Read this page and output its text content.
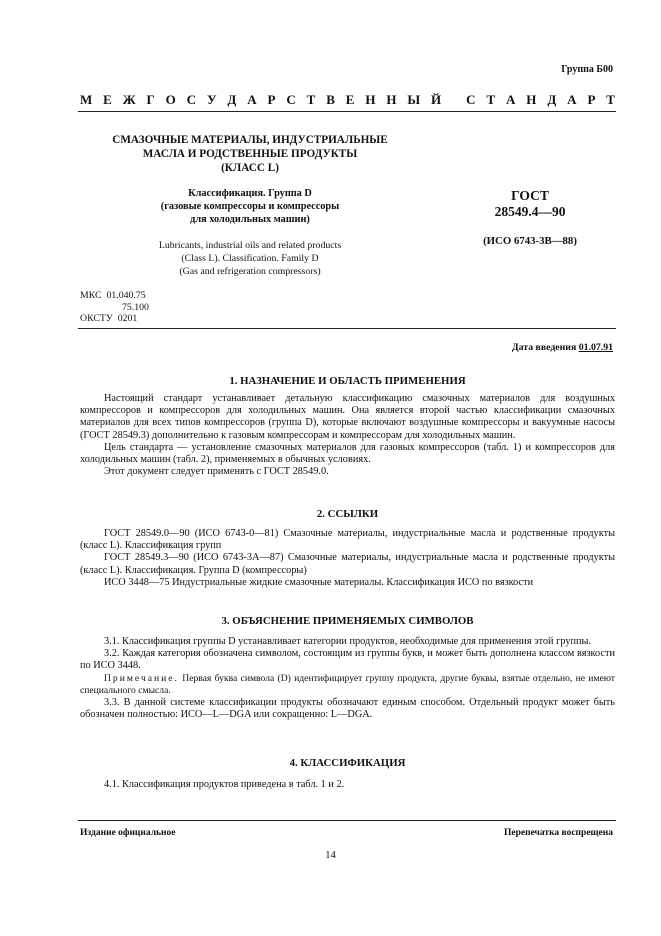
Группа Б00
М Е Ж Г О С У Д А Р С Т В Е Н Н Ы Й
С Т А Н Д А Р Т
СМАЗОЧНЫЕ МАТЕРИАЛЫ, ИНДУСТРИАЛЬНЫЕ
МАСЛА И РОДСТВЕННЫЕ ПРОДУКТЫ
(КЛАСС L)
Классификация. Группа D
(газовые компрессоры и компрессоры
для холодильных машин)
Lubricants, industrial oils and related products
(Class L). Classification. Family D
(Gas and refrigeration compressors)
ГОСТ
28549.4—90
(ИСО 6743-3В—88)
МКС 01.040.75
75.100
ОКСТУ 0201
Дата введения 01.07.91
1. НАЗНАЧЕНИЕ И ОБЛАСТЬ ПРИМЕНЕНИЯ

Настоящий стандарт устанавливает детальную классификацию смазочных материалов для воздушных компрессоров и компрессоров для холодильных машин. Она является второй частью классификации смазочных материалов для всех типов компрессоров (группа D), которые включают воздушные компрессоры и вакуумные насосы (ГОСТ 28549.3) дополнительно к газовым компрессорам и компрессорам для холодильных машин.

Цель стандарта — установление смазочных материалов для газовых компрессоров (табл. 1) и компрессоров для холодильных машин (табл. 2), применяемых в обычных условиях.

Этот документ следует применять с ГОСТ 28549.0.

2. ССЫЛКИ

ГОСТ 28549.0—90 (ИСО 6743-0—81) Смазочные материалы, индустриальные масла и родственные продукты (класс L). Классификация групп

ГОСТ 28549.3—90 (ИСО 6743-3А—87) Смазочные материалы, индустриальные масла и родственные продукты (класс L). Классификация. Группа D (компрессоры)

ИСО 3448—75 Индустриальные жидкие смазочные материалы. Классификация ИСО по вязкости

3. ОБЪЯСНЕНИЕ ПРИМЕНЯЕМЫХ СИМВОЛОВ

3.1. Классификация группы D устанавливает категории продуктов, необходимые для применения этой группы.

3.2. Каждая категория обозначена символом, состоящим из группы букв, и может быть дополнена классом вязкости по ИСО 3448.

Примечание. Первая буква символа (D) идентифицирует группу продукта, другие буквы, взятые отдельно, не имеют специального смысла.

3.3. В данной системе классификации продукты обозначают единым способом. Отдельный продукт может быть обозначен полностью: ИСО—L—DGA или сокращенно: L—DGA.

4. КЛАССИФИКАЦИЯ

4.1. Классификация продуктов приведена в табл. 1 и 2.

Издание официальное	Перепечатка воспрещена
14
